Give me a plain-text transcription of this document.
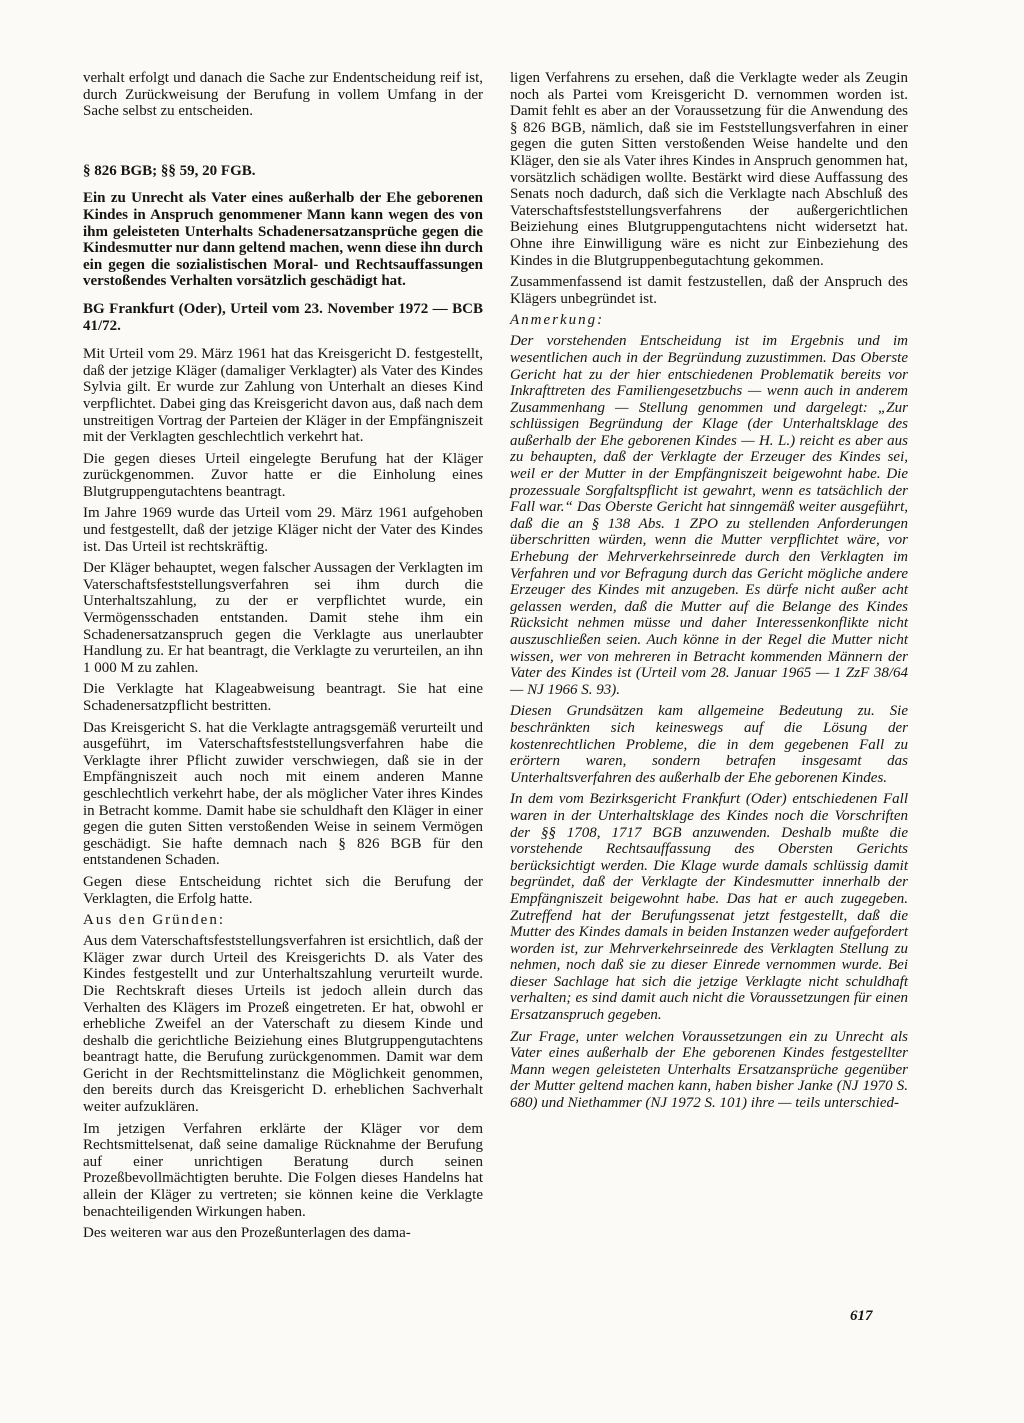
verhalt erfolgt und danach die Sache zur Endentscheidung reif ist, durch Zurückweisung der Berufung in vollem Umfang in der Sache selbst zu entscheiden.

§ 826 BGB; §§ 59, 20 FGB.

Ein zu Unrecht als Vater eines außerhalb der Ehe geborenen Kindes in Anspruch genommener Mann kann wegen des von ihm geleisteten Unterhalts Schadenersatzansprüche gegen die Kindesmutter nur dann geltend machen, wenn diese ihn durch ein gegen die sozialistischen Moral- und Rechtsauffassungen verstoßendes Verhalten vorsätzlich geschädigt hat.

BG Frankfurt (Oder), Urteil vom 23. November 1972 — BCB 41/72.

Mit Urteil vom 29. März 1961 hat das Kreisgericht D. festgestellt, daß der jetzige Kläger (damaliger Verklagter) als Vater des Kindes Sylvia gilt. Er wurde zur Zahlung von Unterhalt an dieses Kind verpflichtet. Dabei ging das Kreisgericht davon aus, daß nach dem unstreitigen Vortrag der Parteien der Kläger in der Empfängniszeit mit der Verklagten geschlechtlich verkehrt hat.

Die gegen dieses Urteil eingelegte Berufung hat der Kläger zurückgenommen. Zuvor hatte er die Einholung eines Blutgruppengutachtens beantragt.

Im Jahre 1969 wurde das Urteil vom 29. März 1961 aufgehoben und festgestellt, daß der jetzige Kläger nicht der Vater des Kindes ist. Das Urteil ist rechtskräftig.

Der Kläger behauptet, wegen falscher Aussagen der Verklagten im Vaterschaftsfeststellungsverfahren sei ihm durch die Unterhaltszahlung, zu der er verpflichtet wurde, ein Vermögensschaden entstanden. Damit stehe ihm ein Schadenersatzanspruch gegen die Verklagte aus unerlaubter Handlung zu. Er hat beantragt, die Verklagte zu verurteilen, an ihn 1 000 M zu zahlen.

Die Verklagte hat Klageabweisung beantragt. Sie hat eine Schadenersatzpflicht bestritten.

Das Kreisgericht S. hat die Verklagte antragsgemäß verurteilt und ausgeführt, im Vaterschaftsfeststellungsverfahren habe die Verklagte ihrer Pflicht zuwider verschwiegen, daß sie in der Empfängniszeit auch noch mit einem anderen Manne geschlechtlich verkehrt habe, der als möglicher Vater ihres Kindes in Betracht komme. Damit habe sie schuldhaft den Kläger in einer gegen die guten Sitten verstoßenden Weise in seinem Vermögen geschädigt. Sie hafte demnach nach § 826 BGB für den entstandenen Schaden.

Gegen diese Entscheidung richtet sich die Berufung der Verklagten, die Erfolg hatte.

Aus den Gründen:

Aus dem Vaterschaftsfeststellungsverfahren ist ersichtlich, daß der Kläger zwar durch Urteil des Kreisgerichts D. als Vater des Kindes festgestellt und zur Unterhaltszahlung verurteilt wurde. Die Rechtskraft dieses Urteils ist jedoch allein durch das Verhalten des Klägers im Prozeß eingetreten. Er hat, obwohl er erhebliche Zweifel an der Vaterschaft zu diesem Kinde und deshalb die gerichtliche Beiziehung eines Blutgruppengutachtens beantragt hatte, die Berufung zurückgenommen. Damit war dem Gericht in der Rechtsmittelinstanz die Möglichkeit genommen, den bereits durch das Kreisgericht D. erheblichen Sachverhalt weiter aufzuklären.

Im jetzigen Verfahren erklärte der Kläger vor dem Rechtsmittelsenat, daß seine damalige Rücknahme der Berufung auf einer unrichtigen Beratung durch seinen Prozeßbevollmächtigten beruhte. Die Folgen dieses Handelns hat allein der Kläger zu vertreten; sie können keine die Verklagte benachteiligenden Wirkungen haben.

Des weiteren war aus den Prozeßunterlagen des dama-

ligen Verfahrens zu ersehen, daß die Verklagte weder als Zeugin noch als Partei vom Kreisgericht D. vernommen worden ist. Damit fehlt es aber an der Voraussetzung für die Anwendung des § 826 BGB, nämlich, daß sie im Feststellungsverfahren in einer gegen die guten Sitten verstoßenden Weise handelte und den Kläger, den sie als Vater ihres Kindes in Anspruch genommen hat, vorsätzlich schädigen wollte. Bestärkt wird diese Auffassung des Senats noch dadurch, daß sich die Verklagte nach Abschluß des Vaterschaftsfeststellungsverfahrens der außergerichtlichen Beiziehung eines Blutgruppengutachtens nicht widersetzt hat. Ohne ihre Einwilligung wäre es nicht zur Einbeziehung des Kindes in die Blutgruppenbegutachtung gekommen.

Zusammenfassend ist damit festzustellen, daß der Anspruch des Klägers unbegründet ist.

Anmerkung:

Der vorstehenden Entscheidung ist im Ergebnis und im wesentlichen auch in der Begründung zuzustimmen. Das Oberste Gericht hat zu der hier entschiedenen Problematik bereits vor Inkrafttreten des Familiengesetzbuchs — wenn auch in anderem Zusammenhang — Stellung genommen und dargelegt: „Zur schlüssigen Begründung der Klage (der Unterhaltsklage des außerhalb der Ehe geborenen Kindes — H. L.) reicht es aber aus zu behaupten, daß der Verklagte der Erzeuger des Kindes sei, weil er der Mutter in der Empfängniszeit beigewohnt habe. Die prozessuale Sorgfaltspflicht ist gewahrt, wenn es tatsächlich der Fall war.“ Das Oberste Gericht hat sinngemäß weiter ausgeführt, daß die an § 138 Abs. 1 ZPO zu stellenden Anforderungen überschritten würden, wenn die Mutter verpflichtet wäre, vor Erhebung der Mehrverkehrseinrede durch den Verklagten im Verfahren und vor Befragung durch das Gericht mögliche andere Erzeuger des Kindes mit anzugeben. Es dürfe nicht außer acht gelassen werden, daß die Mutter auf die Belange des Kindes Rücksicht nehmen müsse und daher Interessenkonflikte nicht auszuschließen seien. Auch könne in der Regel die Mutter nicht wissen, wer von mehreren in Betracht kommenden Männern der Vater des Kindes ist (Urteil vom 28. Januar 1965 — 1 ZzF 38/64 — NJ 1966 S. 93).

Diesen Grundsätzen kam allgemeine Bedeutung zu. Sie beschränkten sich keineswegs auf die Lösung der kostenrechtlichen Probleme, die in dem gegebenen Fall zu erörtern waren, sondern betrafen insgesamt das Unterhaltsverfahren des außerhalb der Ehe geborenen Kindes.

In dem vom Bezirksgericht Frankfurt (Oder) entschiedenen Fall waren in der Unterhaltsklage des Kindes noch die Vorschriften der §§ 1708, 1717 BGB anzuwenden. Deshalb mußte die vorstehende Rechtsauffassung des Obersten Gerichts berücksichtigt werden. Die Klage wurde damals schlüssig damit begründet, daß der Verklagte der Kindesmutter innerhalb der Empfängniszeit beigewohnt habe. Das hat er auch zugegeben. Zutreffend hat der Berufungssenat jetzt festgestellt, daß die Mutter des Kindes damals in beiden Instanzen weder aufgefordert worden ist, zur Mehrverkehrseinrede des Verklagten Stellung zu nehmen, noch daß sie zu dieser Einrede vernommen wurde. Bei dieser Sachlage hat sich die jetzige Verklagte nicht schuldhaft verhalten; es sind damit auch nicht die Voraussetzungen für einen Ersatzanspruch gegeben.

Zur Frage, unter welchen Voraussetzungen ein zu Unrecht als Vater eines außerhalb der Ehe geborenen Kindes festgestellter Mann wegen geleisteten Unterhalts Ersatzansprüche gegenüber der Mutter geltend machen kann, haben bisher Janke (NJ 1970 S. 680) und Niethammer (NJ 1972 S. 101) ihre — teils unterschied-

617
